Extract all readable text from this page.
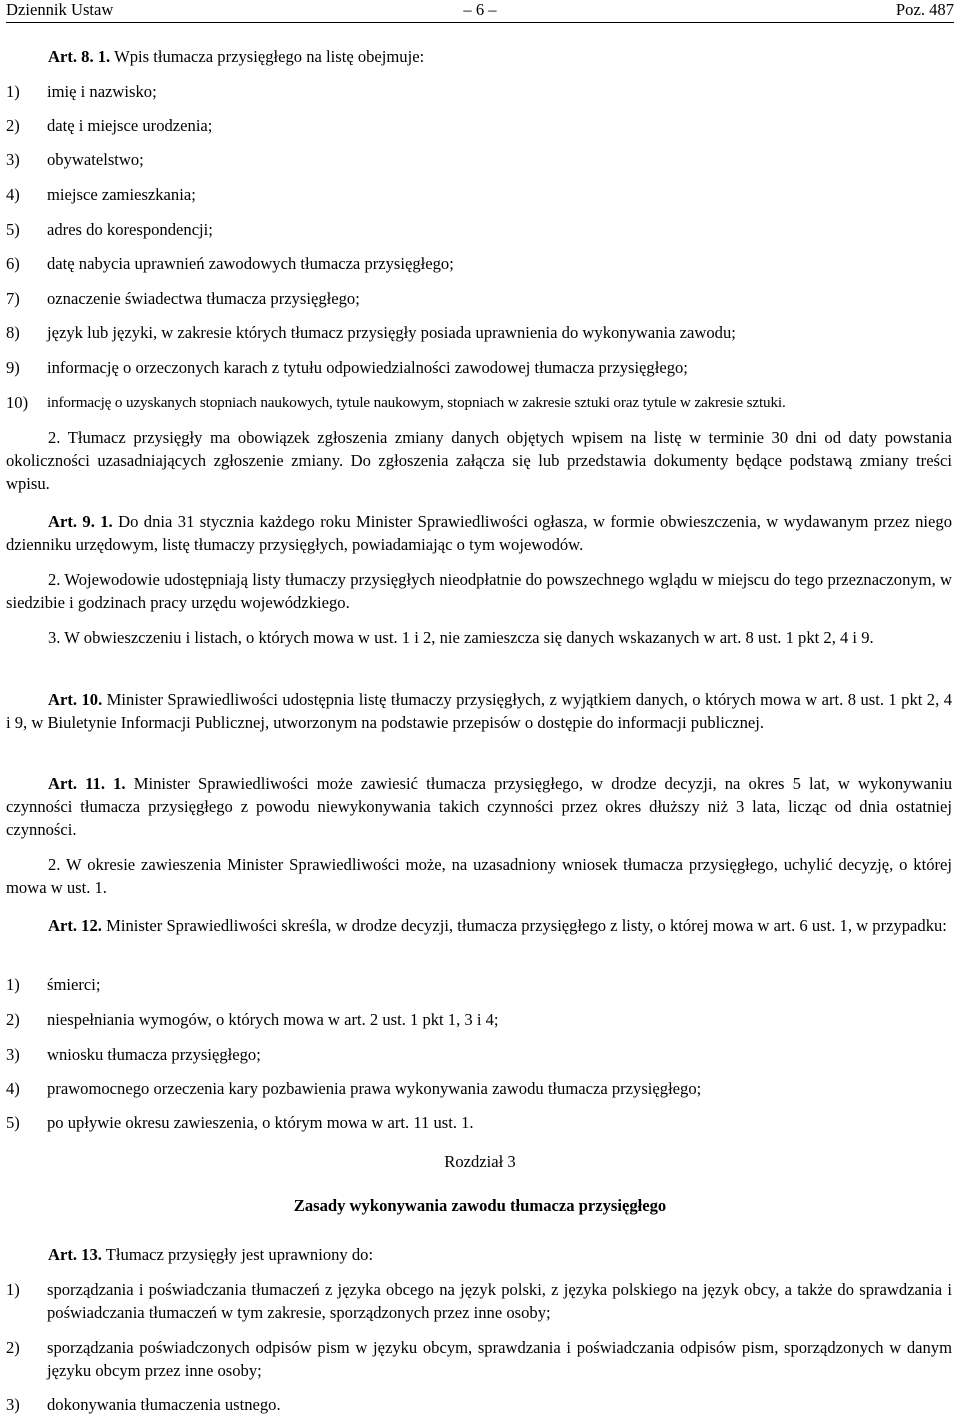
Dziennik Ustaw	– 6 –	Poz. 487
Art. 8. 1. Wpis tłumacza przysięgłego na listę obejmuje:
1)	imię i nazwisko;
2)	datę i miejsce urodzenia;
3)	obywatelstwo;
4)	miejsce zamieszkania;
5)	adres do korespondencji;
6)	datę nabycia uprawnień zawodowych tłumacza przysięgłego;
7)	oznaczenie świadectwa tłumacza przysięgłego;
8)	język lub języki, w zakresie których tłumacz przysięgły posiada uprawnienia do wykonywania zawodu;
9)	informację o orzeczonych karach z tytułu odpowiedzialności zawodowej tłumacza przysięgłego;
10)	informację o uzyskanych stopniach naukowych, tytule naukowym, stopniach w zakresie sztuki oraz tytule w zakresie sztuki.
2. Tłumacz przysięgły ma obowiązek zgłoszenia zmiany danych objętych wpisem na listę w terminie 30 dni od daty powstania okoliczności uzasadniających zgłoszenie zmiany. Do zgłoszenia załącza się lub przedstawia dokumenty będące podstawą zmiany treści wpisu.
Art. 9. 1. Do dnia 31 stycznia każdego roku Minister Sprawiedliwości ogłasza, w formie obwieszczenia, w wydawanym przez niego dzienniku urzędowym, listę tłumaczy przysięgłych, powiadamiając o tym wojewodów.
2. Wojewodowie udostępniają listy tłumaczy przysięgłych nieodpłatnie do powszechnego wglądu w miejscu do tego przeznaczonym, w siedzibie i godzinach pracy urzędu wojewódzkiego.
3. W obwieszczeniu i listach, o których mowa w ust. 1 i 2, nie zamieszcza się danych wskazanych w art. 8 ust. 1 pkt 2, 4 i 9.
Art. 10. Minister Sprawiedliwości udostępnia listę tłumaczy przysięgłych, z wyjątkiem danych, o których mowa w art. 8 ust. 1 pkt 2, 4 i 9, w Biuletynie Informacji Publicznej, utworzonym na podstawie przepisów o dostępie do informacji publicznej.
Art. 11. 1. Minister Sprawiedliwości może zawiesić tłumacza przysięgłego, w drodze decyzji, na okres 5 lat, w wykonywaniu czynności tłumacza przysięgłego z powodu niewykonywania takich czynności przez okres dłuższy niż 3 lata, licząc od dnia ostatniej czynności.
2. W okresie zawieszenia Minister Sprawiedliwości może, na uzasadniony wniosek tłumacza przysięgłego, uchylić decyzję, o której mowa w ust. 1.
Art. 12. Minister Sprawiedliwości skreśla, w drodze decyzji, tłumacza przysięgłego z listy, o której mowa w art. 6 ust. 1, w przypadku:
1)	śmierci;
2)	niespełniania wymogów, o których mowa w art. 2 ust. 1 pkt 1, 3 i 4;
3)	wniosku tłumacza przysięgłego;
4)	prawomocnego orzeczenia kary pozbawienia prawa wykonywania zawodu tłumacza przysięgłego;
5)	po upływie okresu zawieszenia, o którym mowa w art. 11 ust. 1.
Rozdział 3
Zasady wykonywania zawodu tłumacza przysięgłego
Art. 13. Tłumacz przysięgły jest uprawniony do:
1)	sporządzania i poświadczania tłumaczeń z języka obcego na język polski, z języka polskiego na język obcy, a także do sprawdzania i poświadczania tłumaczeń w tym zakresie, sporządzonych przez inne osoby;
2)	sporządzania poświadczonych odpisów pism w języku obcym, sprawdzania i poświadczania odpisów pism, sporządzonych w danym języku obcym przez inne osoby;
3)	dokonywania tłumaczenia ustnego.
